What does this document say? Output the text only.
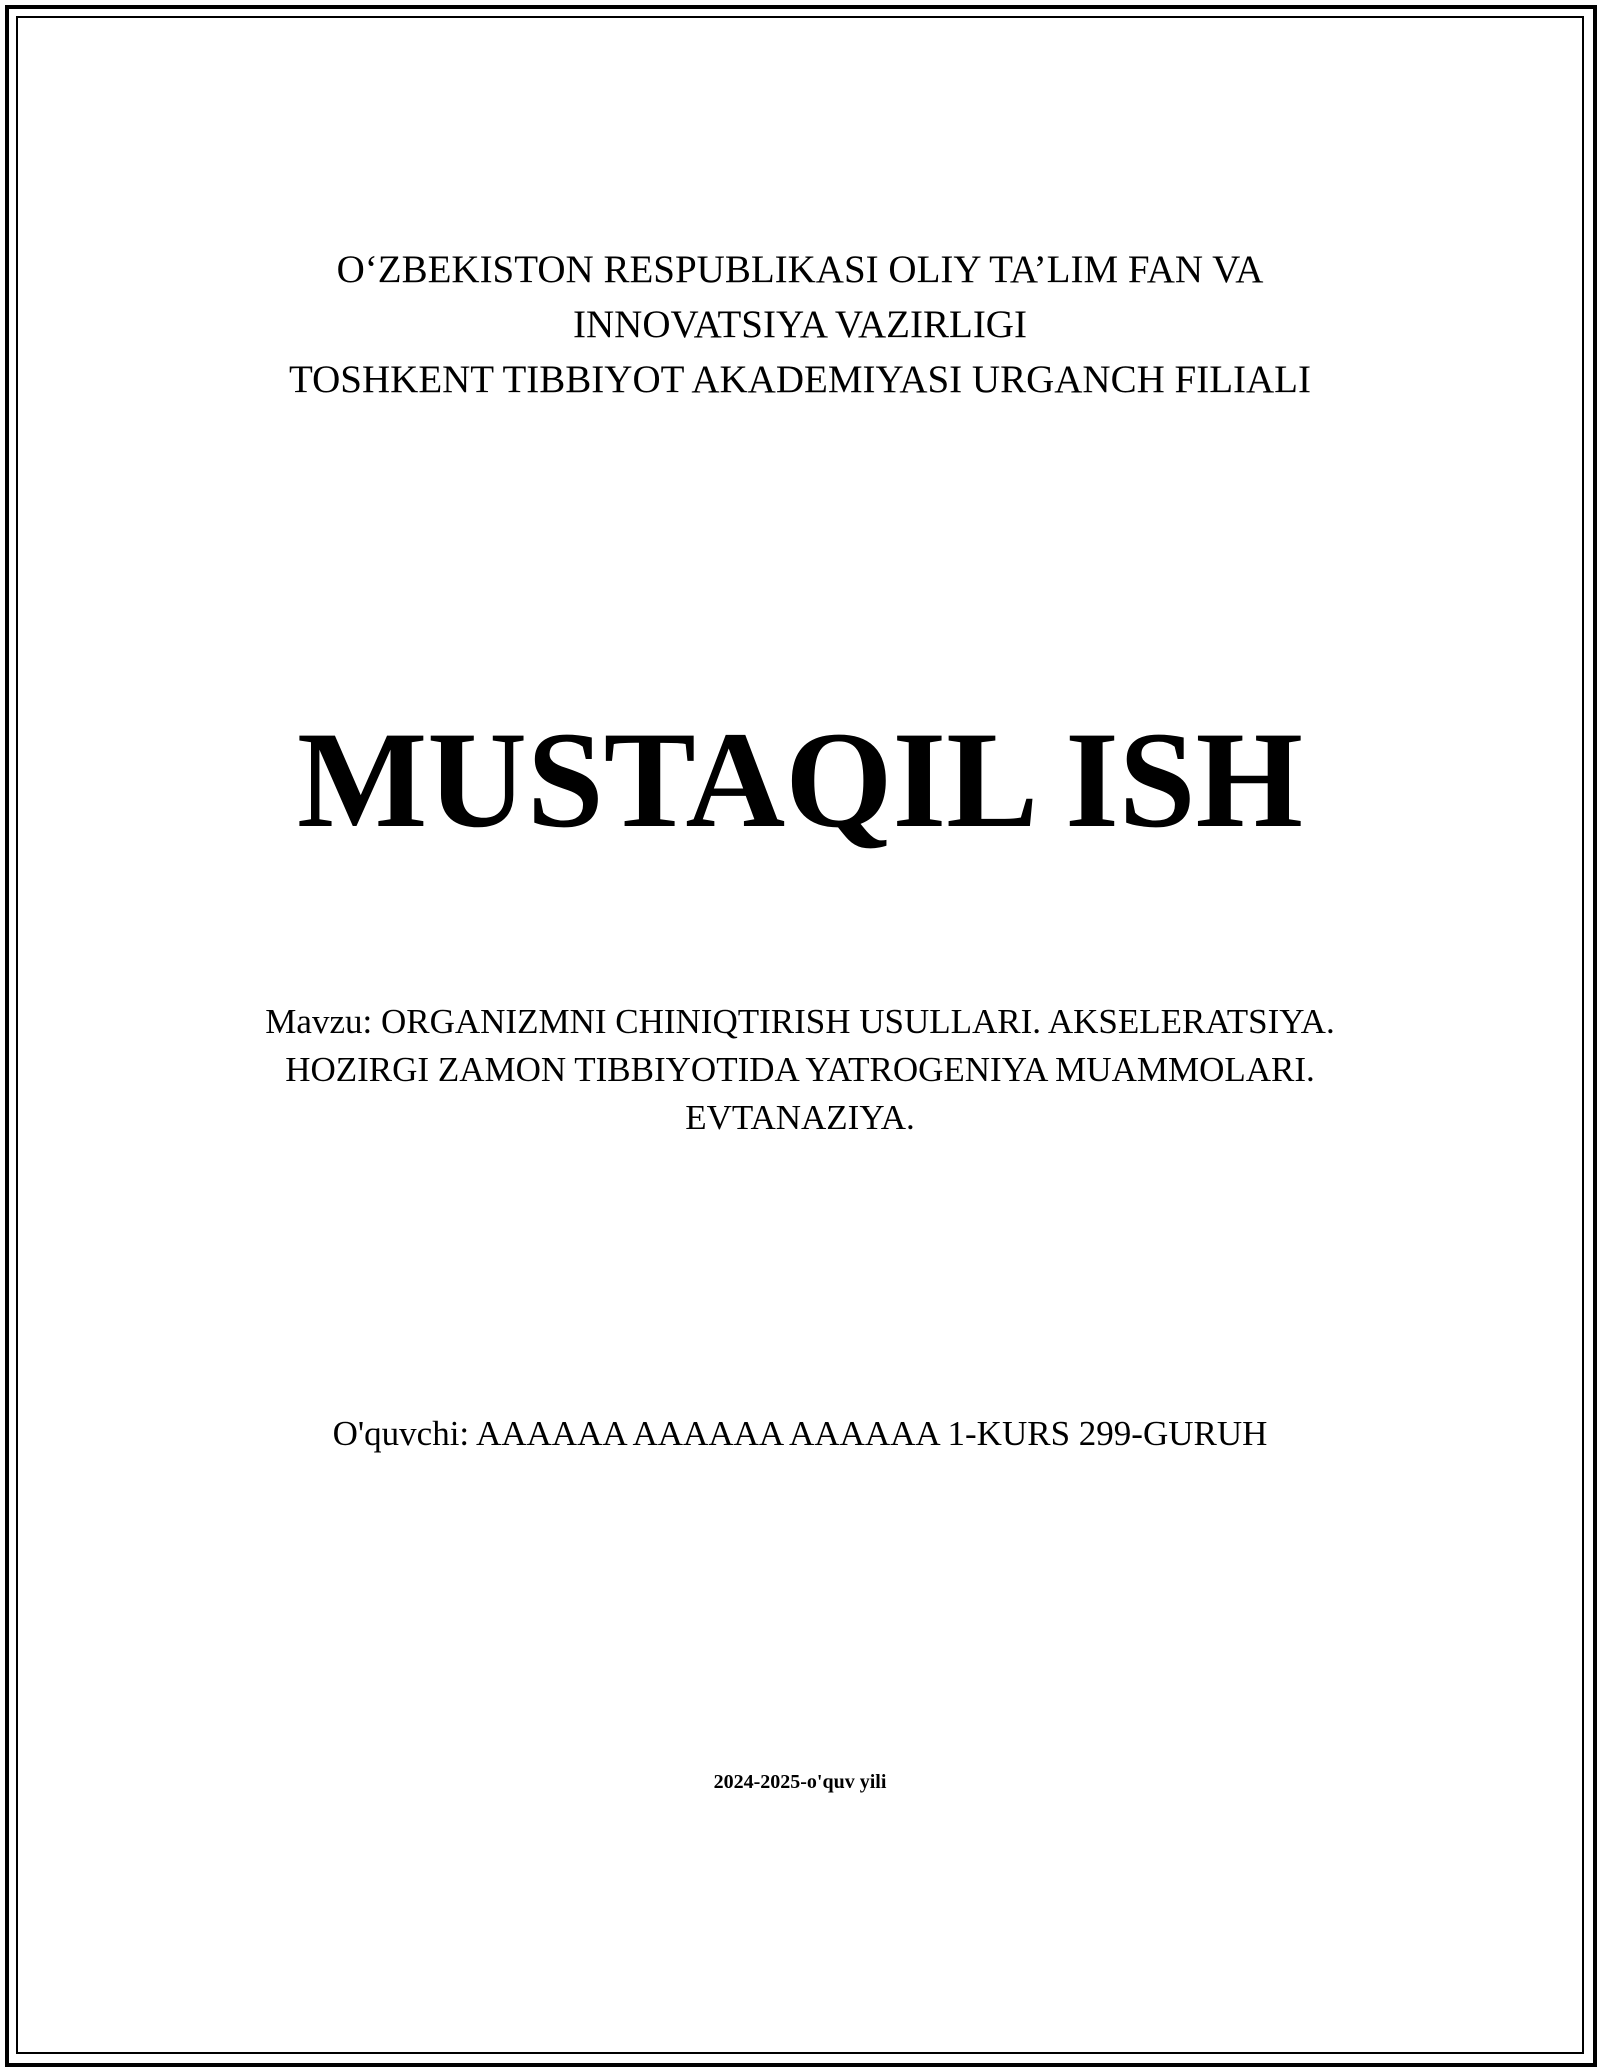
O‘ZBEKISTON RESPUBLIKASI OLIY TA’LIM FAN VA
INNOVATSIYA VAZIRLIGI
TOSHKENT TIBBIYOT AKADEMIYASI URGANCH FILIALI
MUSTAQIL ISH
Mavzu: ORGANIZMNI CHINIQTIRISH USULLARI. AKSELERATSIYA.
HOZIRGI ZAMON TIBBIYOTIDA YATROGENIYA MUAMMOLARI.
EVTANAZIYA.
O'quvchi: AAAAAA AAAAAA AAAAAA 1-KURS 299-GURUH
2024-2025-o'quv yili
